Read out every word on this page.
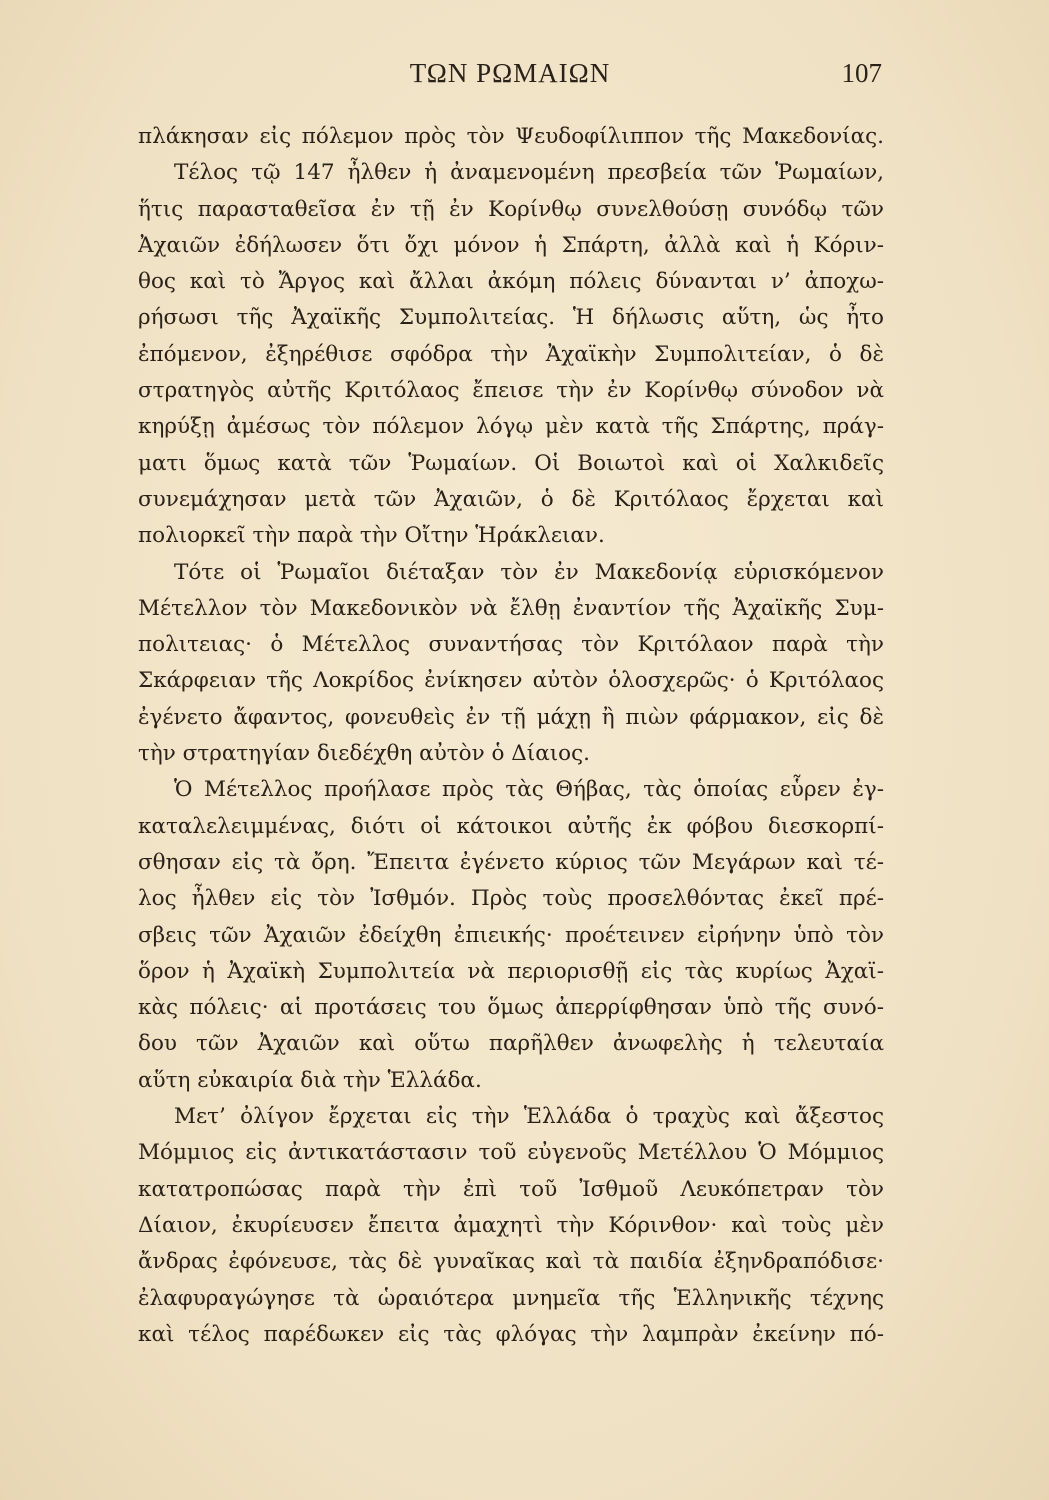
ΤΩΝ ΡΩΜΑΙΩΝ	107
πλάκησαν εἰς πόλεμον πρὸς τὸν Ψευδοφίλιππον τῆς Μακεδονίας.
Τέλος τῷ 147 ἦλθεν ἡ ἀναμενομένη πρεσβεία τῶν Ῥωμαίων,
ἥτις παρασταθεῖσα ἐν τῇ ἐν Κορίνθῳ συνελθούσῃ συνόδῳ τῶν
Ἀχαιῶν ἐδήλωσεν ὅτι ὄχι μόνον ἡ Σπάρτη, ἀλλὰ καὶ ἡ Κόριν-
θος καὶ τὸ Ἄργος καὶ ἄλλαι ἀκόμη πόλεις δύνανται ν’ ἀποχω-
ρήσωσι τῆς Ἀχαϊκῆς Συμπολιτείας. Ἡ δήλωσις αὕτη, ὡς ἦτο
ἐπόμενον, ἐξηρέθισε σφόδρα τὴν Ἀχαϊκὴν Συμπολιτείαν, ὁ δὲ
στρατηγὸς αὐτῆς Κριτόλαος ἔπεισε τὴν ἐν Κορίνθῳ σύνοδον νὰ
κηρύξῃ ἀμέσως τὸν πόλεμον λόγῳ μὲν κατὰ τῆς Σπάρτης, πράγ-
ματι ὅμως κατὰ τῶν Ῥωμαίων. Οἱ Βοιωτοὶ καὶ οἱ Χαλκιδεῖς
συνεμάχησαν μετὰ τῶν Ἀχαιῶν, ὁ δὲ Κριτόλαος ἔρχεται καὶ
πολιορκεῖ τὴν παρὰ τὴν Οἴτην Ἡράκλειαν.
Τότε οἱ Ῥωμαῖοι διέταξαν τὸν ἐν Μακεδονίᾳ εὑρισκόμενον
Μέτελλον τὸν Μακεδονικὸν νὰ ἔλθῃ ἐναντίον τῆς Ἀχαϊκῆς Συμ-
πολιτειας· ὁ Μέτελλος συναντήσας τὸν Κριτόλαον παρὰ τὴν
Σκάρφειαν τῆς Λοκρίδος ἐνίκησεν αὐτὸν ὁλοσχερῶς· ὁ Κριτόλαος
ἐγένετο ἄφαντος, φονευθεὶς ἐν τῇ μάχῃ ἢ πιὼν φάρμακον, εἰς δὲ
τὴν στρατηγίαν διεδέχθη αὐτὸν ὁ Δίαιος.
Ὁ Μέτελλος προήλασε πρὸς τὰς Θήβας, τὰς ὁποίας εὗρεν ἐγ-
καταλελειμμένας, διότι οἱ κάτοικοι αὐτῆς ἐκ φόβου διεσκορπί-
σθησαν εἰς τὰ ὄρη. Ἔπειτα ἐγένετο κύριος τῶν Μεγάρων καὶ τέ-
λος ἦλθεν εἰς τὸν Ἰσθμόν. Πρὸς τοὺς προσελθόντας ἐκεῖ πρέ-
σβεις τῶν Ἀχαιῶν ἐδείχθη ἐπιεικής· προέτεινεν εἰρήνην ὑπὸ τὸν
ὅρον ἡ Ἀχαϊκὴ Συμπολιτεία νὰ περιορισθῇ εἰς τὰς κυρίως Ἀχαϊ-
κὰς πόλεις· αἱ προτάσεις του ὅμως ἀπερρίφθησαν ὑπὸ τῆς συνό-
δου τῶν Ἀχαιῶν καὶ οὕτω παρῆλθεν ἀνωφελὴς ἡ τελευταία
αὕτη εὐκαιρία διὰ τὴν Ἑλλάδα.
Μετ’ ὀλίγον ἔρχεται εἰς τὴν Ἑλλάδα ὁ τραχὺς καὶ ἄξεστος
Μόμμιος εἰς ἀντικατάστασιν τοῦ εὐγενοῦς Μετέλλου Ὁ Μόμμιος
κατατροπώσας παρὰ τὴν ἐπὶ τοῦ Ἰσθμοῦ Λευκόπετραν τὸν
Δίαιον, ἐκυρίευσεν ἔπειτα ἀμαχητὶ τὴν Κόρινθον· καὶ τοὺς μὲν
ἄνδρας ἐφόνευσε, τὰς δὲ γυναῖκας καὶ τὰ παιδία ἐξηνδραπόδισε·
ἐλαφυραγώγησε τὰ ὡραιότερα μνημεῖα τῆς Ἑλληνικῆς τέχνης
καὶ τέλος παρέδωκεν εἰς τὰς φλόγας τὴν λαμπρὰν ἐκείνην πό-
